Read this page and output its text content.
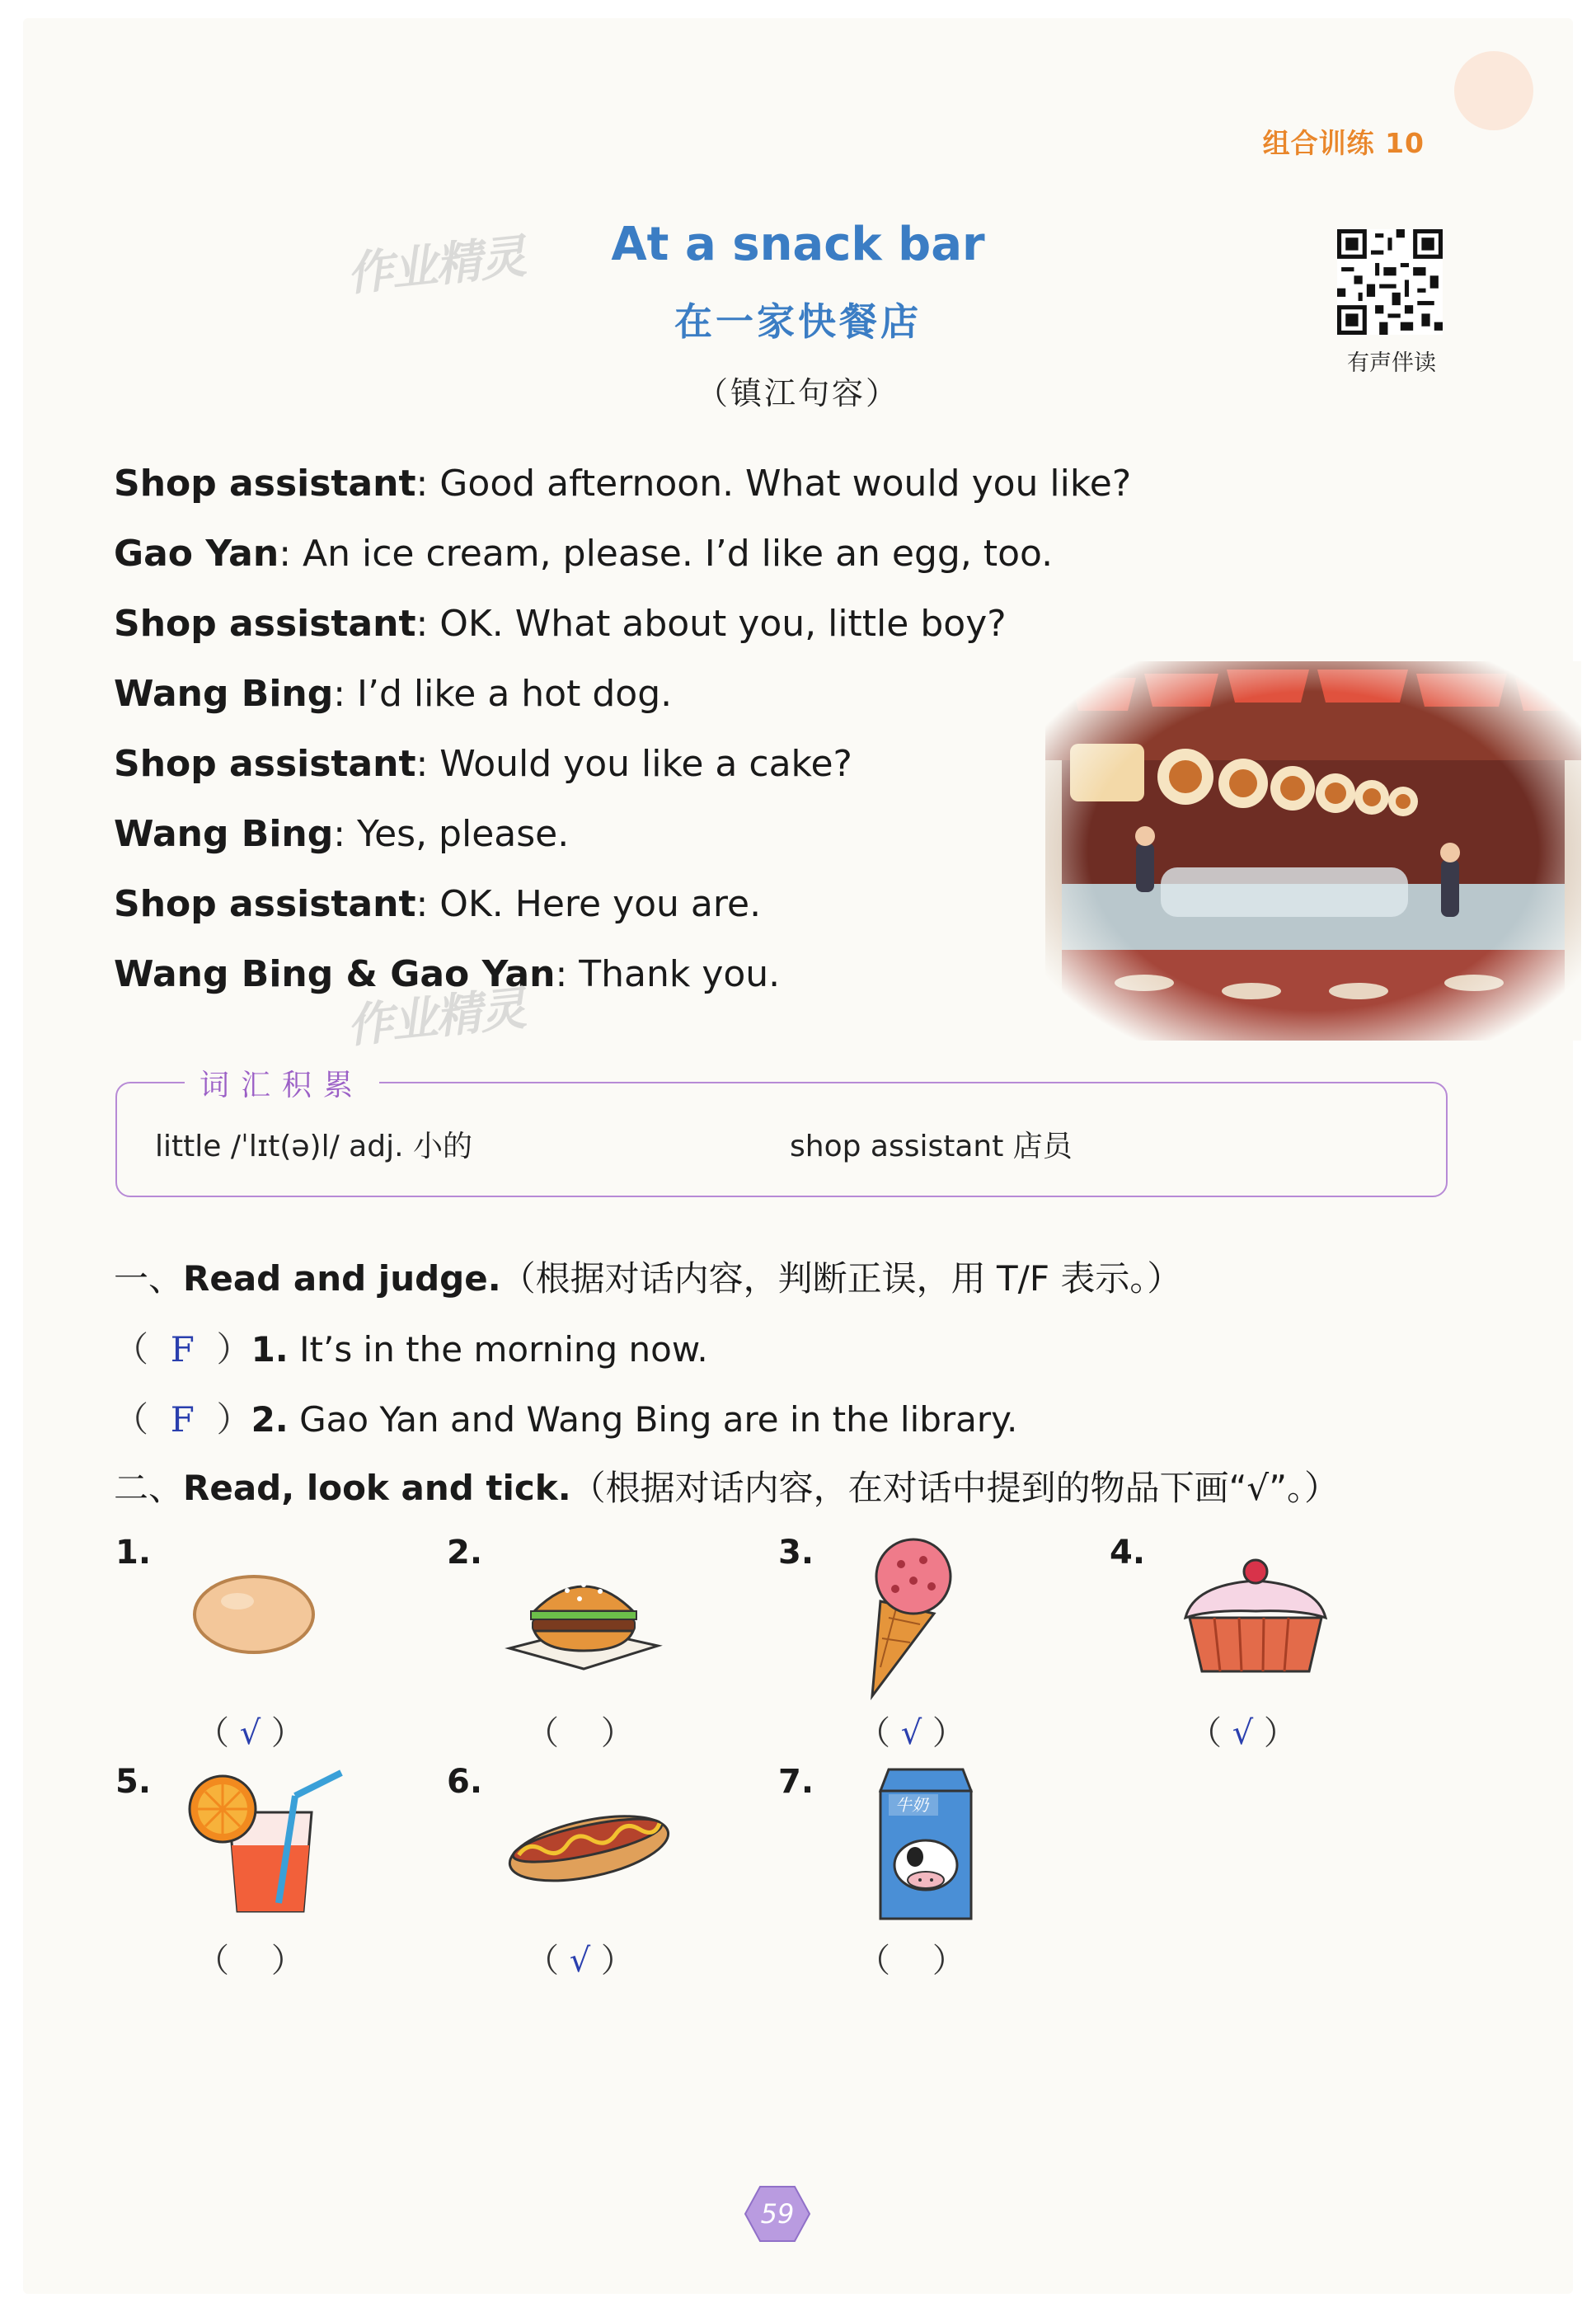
组合训练 10
作业精灵	At a snack bar
在一家快餐店
（镇江句容）
有声伴读
Shop assistant: Good afternoon. What would you like?
Gao Yan: An ice cream, please. I’d like an egg, too.
Shop assistant: OK. What about you, little boy?
Wang Bing: I’d like a hot dog.
Shop assistant: Would you like a cake?
Wang Bing: Yes, please.
Shop assistant: OK. Here you are.
Wang Bing & Gao Yan: Thank you.
作业精灵
词汇积累
little /ˈlɪt(ə)l/ adj. 小的	shop assistant 店员
一、Read and judge.（根据对话内容，判断正误，用 T/F 表示。）
（  F  ）1. It’s in the morning now.
（  F  ）2. Gao Yan and Wang Bing are in the library.
二、Read, look and tick.（根据对话内容，在对话中提到的物品下画“√”。）
1.
（ √ ）
2.
（    ）
3.
（ √ ）
4.
（ √ ）
5.
（    ）
6.
（ √ ）
7.
牛奶
（    ）
59
